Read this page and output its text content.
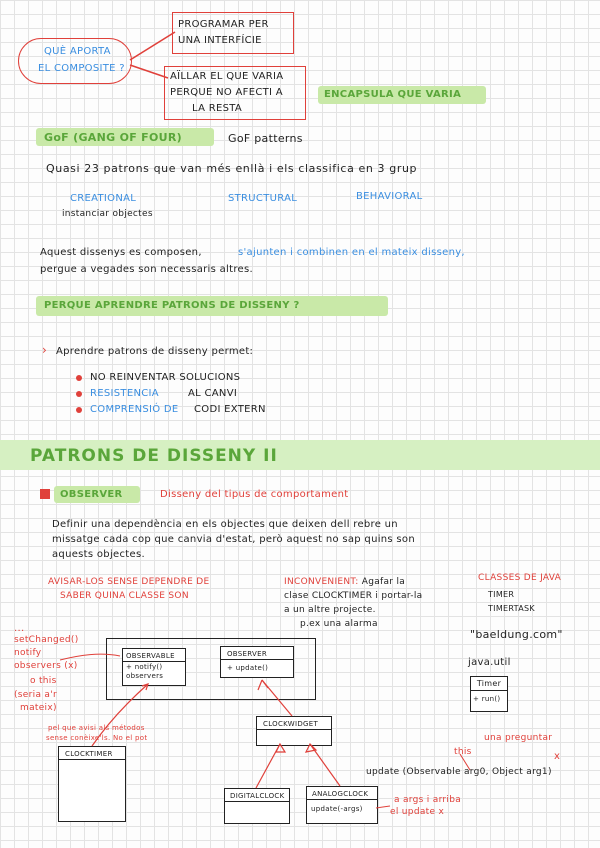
QUÈ APORTA
EL COMPOSITE ?
PROGRAMAR PER
UNA INTERFÍCIE
AÏLLAR EL QUE VARIA
PERQUE NO AFECTI A
LA RESTA
ENCAPSULA QUE VARIA
GoF (GANG OF FOUR)	GoF patterns
Quasi 23 patrons que van més enllà i els classifica en 3 grup
CREATIONAL	STRUCTURAL	BEHAVIORAL
instanciar objectes
Aquest dissenys es composen,	s'ajunten i combinen en el mateix disseny,
pergue a vegades son necessaris altres.
PERQUE APRENDRE PATRONS DE DISSENY ?
› Aprendre patrons de disseny permet:
NO REINVENTAR SOLUCIONS
RESISTENCIA	AL CANVI
COMPRENSIÓ DE CODI EXTERN
PATRONS DE DISSENY II
OBSERVER	Disseny del tipus de comportament
Definir una dependència en els objectes que deixen dell rebre un
missatge cada cop que canvia d'estat, però aquest no sap quins son
aquests objectes.
AVISAR-LOS SENSE DEPENDRE DE
SABER QUINA CLASSE SON
INCONVENIENT: Agafar la
clase CLOCKTIMER i portar-la
a un altre projecte.
p.ex una alarma
CLASSES DE JAVA
TIMER
TIMERTASK
"baeldung.com"
java.util
Timer
+ run()
...
setChanged()
notify
observers (x)
o this
(seria a'r
mateix)
OBSERVABLE
+ notify()
observers
OBSERVER
+ update()
CLOCKWIDGET
CLOCKTIMER
DIGITALCLOCK	ANALOGCLOCK
update(-args)
pel que avisi als métodos
sense conèixe'ls. No el pot	una preguntar
this	x
update (Observable arg0, Object arg1)
a args i arriba
el update x
